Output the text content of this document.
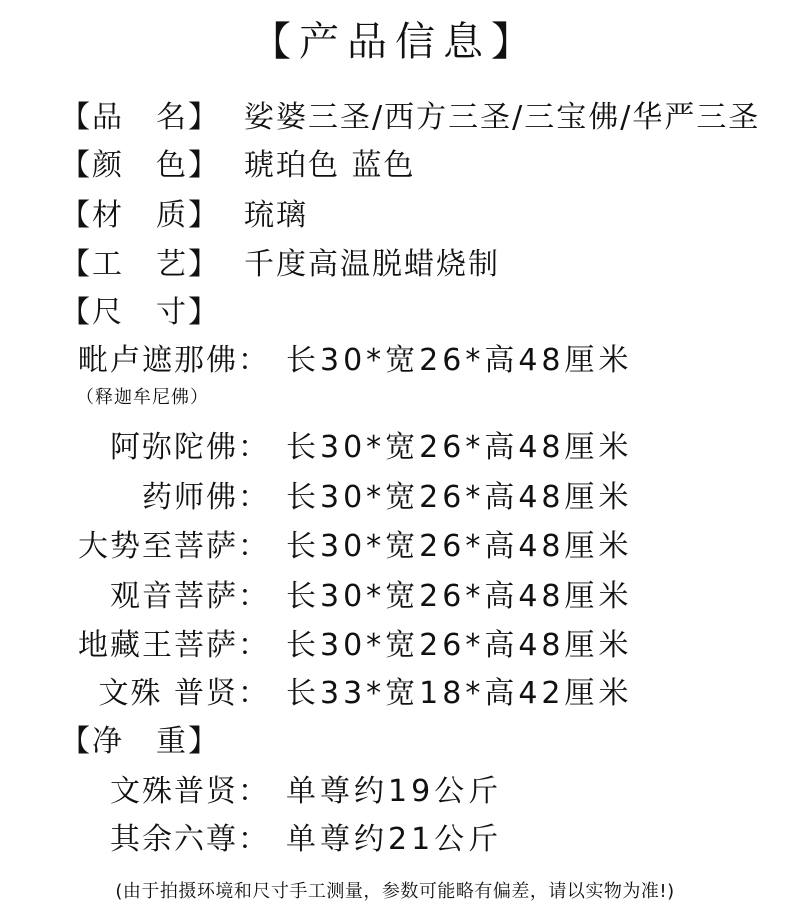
【产品信息】
【品　名】 娑婆三圣/西方三圣/三宝佛/华严三圣
【颜　色】 琥珀色 蓝色
【材　质】 琉璃
【工　艺】 千度高温脱蜡烧制
【尺　寸】
毗卢遮那佛： 长30*宽26*高48厘米
（释迦牟尼佛）
阿弥陀佛： 长30*宽26*高48厘米
药师佛： 长30*宽26*高48厘米
大势至菩萨： 长30*宽26*高48厘米
观音菩萨： 长30*宽26*高48厘米
地藏王菩萨： 长30*宽26*高48厘米
文殊 普贤： 长33*宽18*高42厘米
【净　重】
文殊普贤： 单尊约19公斤
其余六尊： 单尊约21公斤
(由于拍摄环境和尺寸手工测量，参数可能略有偏差，请以实物为准!)
